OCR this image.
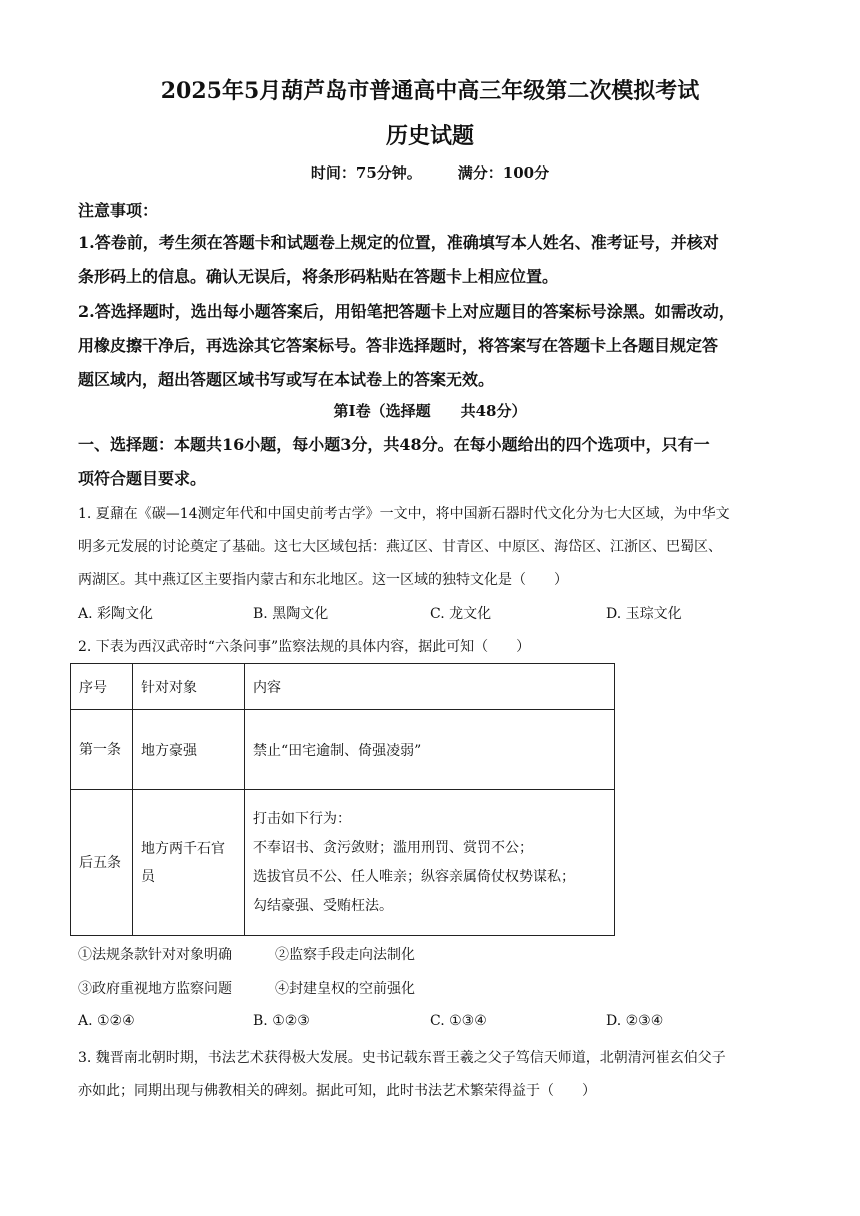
2025年5月葫芦岛市普通高中高三年级第二次模拟考试
历史试题
时间：75分钟。 满分：100分
注意事项：
1.答卷前，考生须在答题卡和试题卷上规定的位置，准确填写本人姓名、准考证号，并核对
条形码上的信息。确认无误后，将条形码粘贴在答题卡上相应位置。
2.答选择题时，选出每小题答案后，用铅笔把答题卡上对应题目的答案标号涂黑。如需改动，
用橡皮擦干净后，再选涂其它答案标号。答非选择题时，将答案写在答题卡上各题目规定答
题区域内，超出答题区域书写或写在本试卷上的答案无效。
第Ⅰ卷（选择题　　共48分）
一、选择题：本题共16小题，每小题3分，共48分。在每小题给出的四个选项中，只有一
项符合题目要求。
1. 夏鼐在《碳—14测定年代和中国史前考古学》一文中，将中国新石器时代文化分为七大区域，为中华文
明多元发展的讨论奠定了基础。这七大区域包括：燕辽区、甘青区、中原区、海岱区、江浙区、巴蜀区、
两湖区。其中燕辽区主要指内蒙古和东北地区。这一区域的独特文化是（　　）
A. 彩陶文化	B. 黑陶文化	C. 龙文化	D. 玉琮文化
2. 下表为西汉武帝时“六条问事”监察法规的具体内容，据此可知（　　）
序号	针对对象	内容
第一条	地方豪强	禁止“田宅逾制、倚强凌弱”
后五条	地方两千石官员	打击如下行为：
不奉诏书、贪污敛财；滥用刑罚、赏罚不公；
选拔官员不公、任人唯亲；纵容亲属倚仗权势谋私；
勾结豪强、受贿枉法。
①法规条款针对对象明确	②监察手段走向法制化
③政府重视地方监察问题	④封建皇权的空前强化
A. ①②④	B. ①②③	C. ①③④	D. ②③④
3. 魏晋南北朝时期，书法艺术获得极大发展。史书记载东晋王羲之父子笃信天师道，北朝清河崔玄伯父子
亦如此；同期出现与佛教相关的碑刻。据此可知，此时书法艺术繁荣得益于（　　）
